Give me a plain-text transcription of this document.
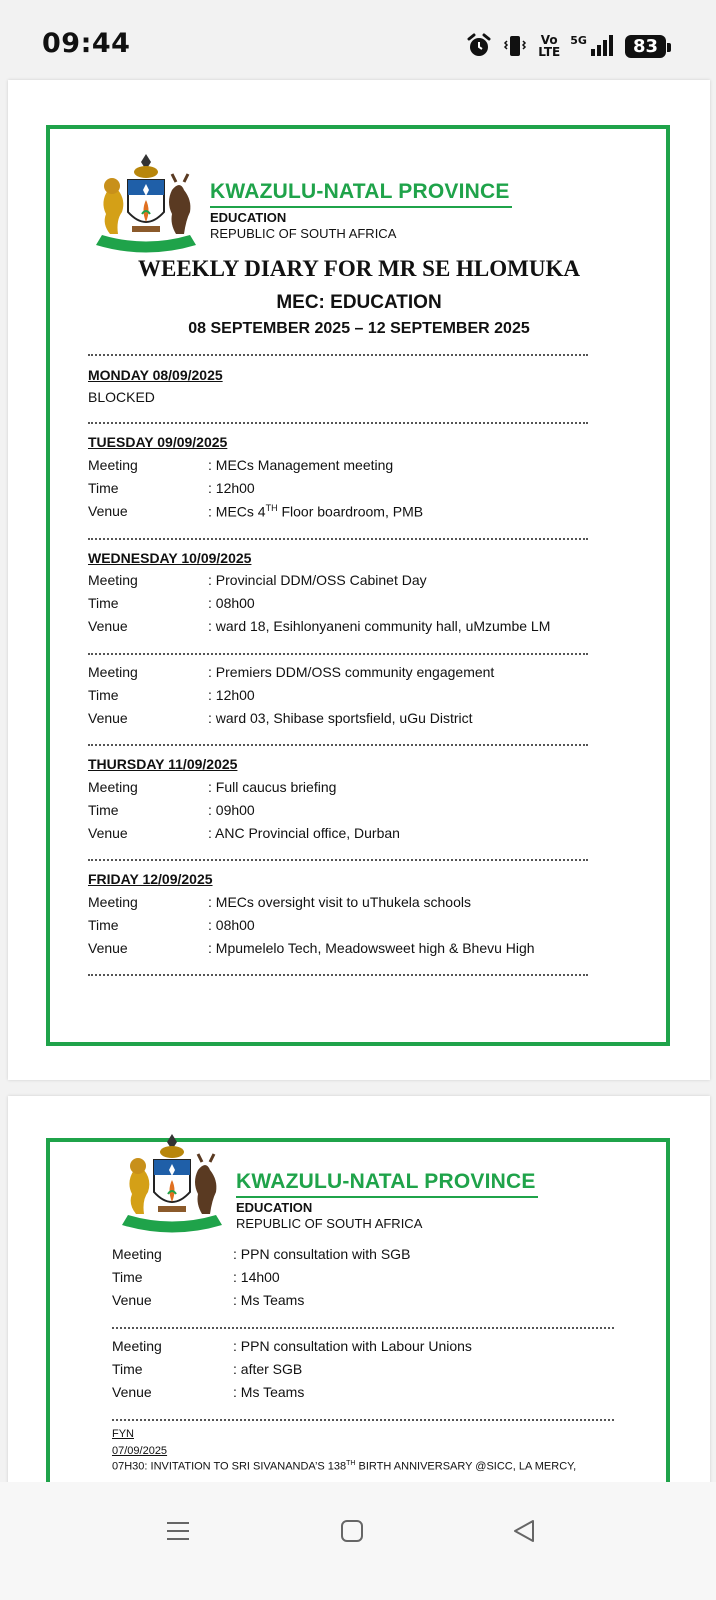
09:44	Vo
LTE
5G	83
KWAZULU-NATAL PROVINCE
EDUCATION
REPUBLIC OF SOUTH AFRICA
WEEKLY DIARY FOR MR SE HLOMUKA
MEC: EDUCATION
08 SEPTEMBER 2025 – 12 SEPTEMBER 2025
MONDAY 08/09/2025
BLOCKED
TUESDAY 09/09/2025
Meeting	: MECs Management meeting
Time	: 12h00
Venue	: MECs 4TH Floor boardroom, PMB
WEDNESDAY 10/09/2025
Meeting	: Provincial DDM/OSS Cabinet Day
Time	: 08h00
Venue	: ward 18, Esihlonyaneni community hall, uMzumbe LM
Meeting	: Premiers DDM/OSS community engagement
Time	: 12h00
Venue	: ward 03, Shibase sportsfield, uGu District
THURSDAY 11/09/2025
Meeting	: Full caucus briefing
Time	: 09h00
Venue	: ANC Provincial office, Durban
FRIDAY 12/09/2025
Meeting	: MECs oversight visit to uThukela schools
Time	: 08h00
Venue	: Mpumelelo Tech, Meadowsweet high & Bhevu High
KWAZULU-NATAL PROVINCE
EDUCATION
REPUBLIC OF SOUTH AFRICA
Meeting	: PPN consultation with SGB
Time	: 14h00
Venue	: Ms Teams
Meeting	: PPN consultation with Labour Unions
Time	: after SGB
Venue	: Ms Teams
FYN
07/09/2025
07H30: INVITATION TO SRI SIVANANDA’S 138TH BIRTH ANNIVERSARY @SICC, LA MERCY,
